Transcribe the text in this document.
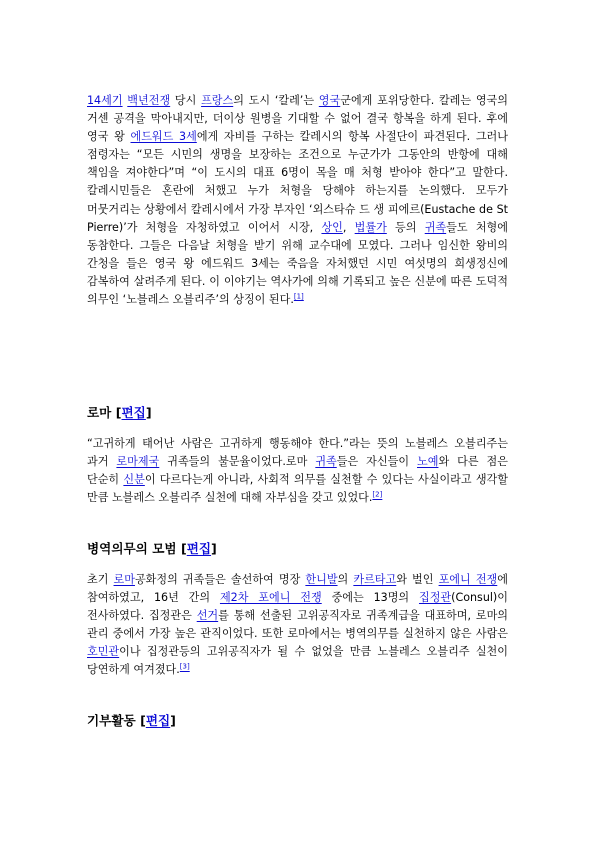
14세기 백년전쟁 당시 프랑스의 도시 ‘칼레’는 영국군에게 포위당한다. 칼레는 영국의 거센 공격을 막아내지만, 더이상 원병을 기대할 수 없어 결국 항복을 하게 된다. 후에 영국 왕 에드워드 3세에게 자비를 구하는 칼레시의 항복 사절단이 파견된다. 그러나 점령자는 “모든 시민의 생명을 보장하는 조건으로 누군가가 그동안의 반항에 대해 책임을 져야한다”며 “이 도시의 대표 6명이 목을 매 처형 받아야 한다”고 말한다. 칼레시민들은 혼란에 처했고 누가 처형을 당해야 하는지를 논의했다. 모두가 머뭇거리는 상황에서 칼레시에서 가장 부자인 ‘외스타슈 드 생 피에르(Eustache de St Pierre)’가 처형을 자청하였고 이어서 시장, 상인, 법률가 등의 귀족들도 처형에 동참한다. 그들은 다음날 처형을 받기 위해 교수대에 모였다. 그러나 임신한 왕비의 간청을 들은 영국 왕 에드워드 3세는 죽음을 자처했던 시민 여섯명의 희생정신에 감복하여 살려주게 된다. 이 이야기는 역사가에 의해 기록되고 높은 신분에 따른 도덕적 의무인 ‘노블레스 오블리주’의 상징이 된다.[1]

로마 [편집]

“고귀하게 태어난 사람은 고귀하게 행동해야 한다.”라는 뜻의 노블레스 오블리주는 과거 로마제국 귀족들의 불문율이었다.로마 귀족들은 자신들이 노예와 다른 점은 단순히 신분이 다르다는게 아니라, 사회적 의무를 실천할 수 있다는 사실이라고 생각할 만큼 노블레스 오블리주 실천에 대해 자부심을 갖고 있었다.[2]

병역의무의 모범 [편집]

초기 로마공화정의 귀족들은 솔선하여 명장 한니발의 카르타고와 벌인 포에니 전쟁에 참여하였고, 16년 간의 제2차 포에니 전쟁 중에는 13명의 집정관(Consul)이 전사하였다. 집정관은 선거를 통해 선출된 고위공직자로 귀족계급을 대표하며, 로마의 관리 중에서 가장 높은 관직이었다. 또한 로마에서는 병역의무를 실천하지 않은 사람은 호민관이나 집정관등의 고위공직자가 될 수 없었을 만큼 노블레스 오블리주 실천이 당연하게 여겨졌다.[3]

기부활동 [편집]
